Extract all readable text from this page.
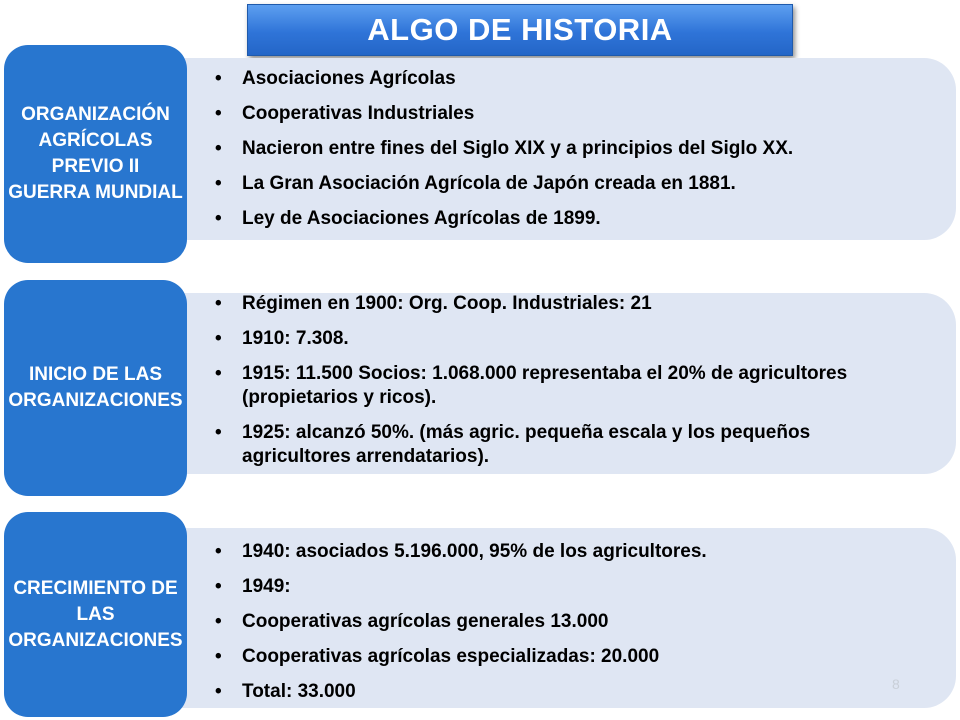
ALGO DE HISTORIA
ORGANIZACIÓN AGRÍCOLAS PREVIO II GUERRA MUNDIAL
• Asociaciones Agrícolas
• Cooperativas Industriales
• Nacieron entre fines del Siglo XIX y a principios del Siglo XX.
• La Gran Asociación Agrícola de Japón creada en 1881.
• Ley de Asociaciones Agrícolas de 1899.
INICIO DE LAS ORGANIZACIONES
• Régimen en 1900: Org. Coop. Industriales: 21
• 1910: 7.308.
• 1915: 11.500 Socios: 1.068.000 representaba el 20% de agricultores (propietarios y ricos).
• 1925: alcanzó 50%. (más agric. pequeña escala y los pequeños agricultores arrendatarios).
CRECIMIENTO DE LAS ORGANIZACIONES
• 1940: asociados 5.196.000, 95% de los agricultores.
• 1949:
• Cooperativas agrícolas generales 13.000
• Cooperativas agrícolas especializadas: 20.000
• Total: 33.000	8
